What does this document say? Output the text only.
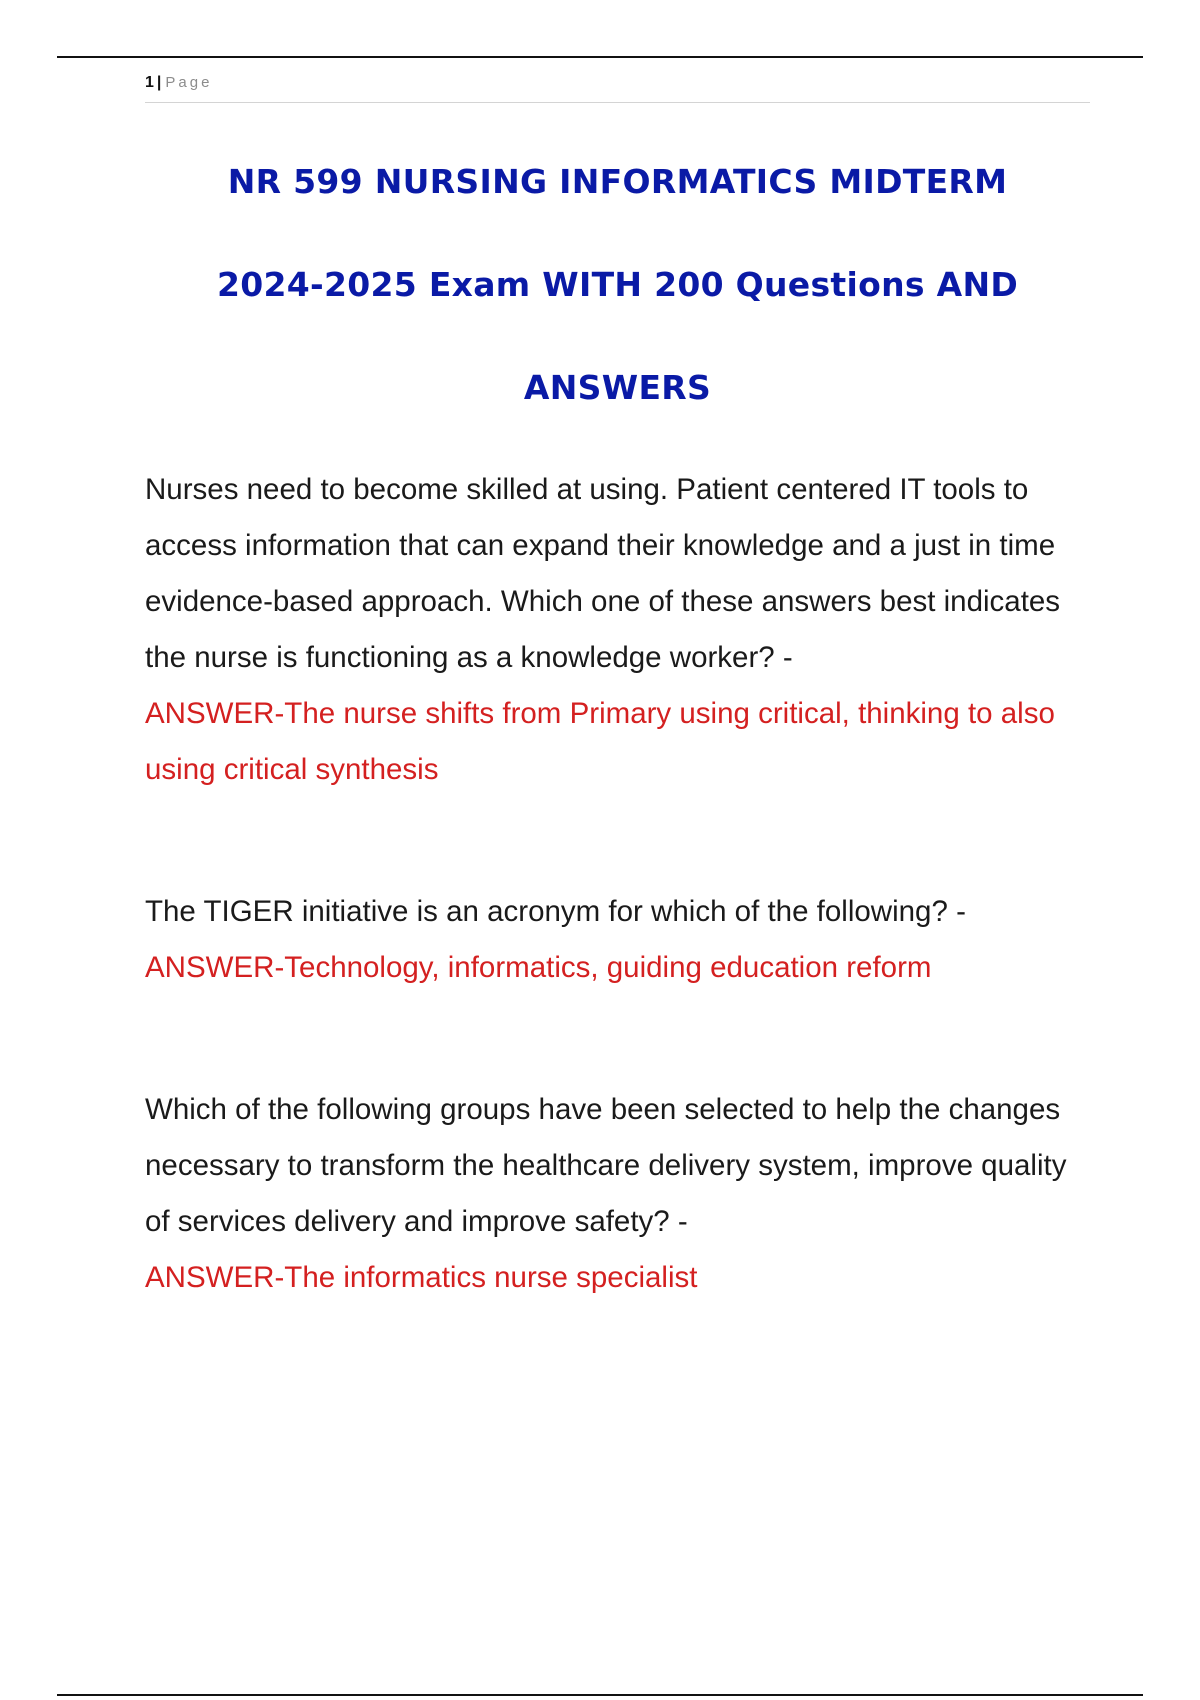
1 | Page
NR 599 NURSING INFORMATICS MIDTERM
2024-2025 Exam WITH 200 Questions AND
ANSWERS

Nurses need to become skilled at using. Patient centered IT tools to access information that can expand their knowledge and a just in time evidence-based approach. Which one of these answers best indicates the nurse is functioning as a knowledge worker? -
ANSWER-The nurse shifts from Primary using critical, thinking to also using critical synthesis

The TIGER initiative is an acronym for which of the following? -
ANSWER-Technology, informatics, guiding education reform

Which of the following groups have been selected to help the changes necessary to transform the healthcare delivery system, improve quality of services delivery and improve safety? -
ANSWER-The informatics nurse specialist
